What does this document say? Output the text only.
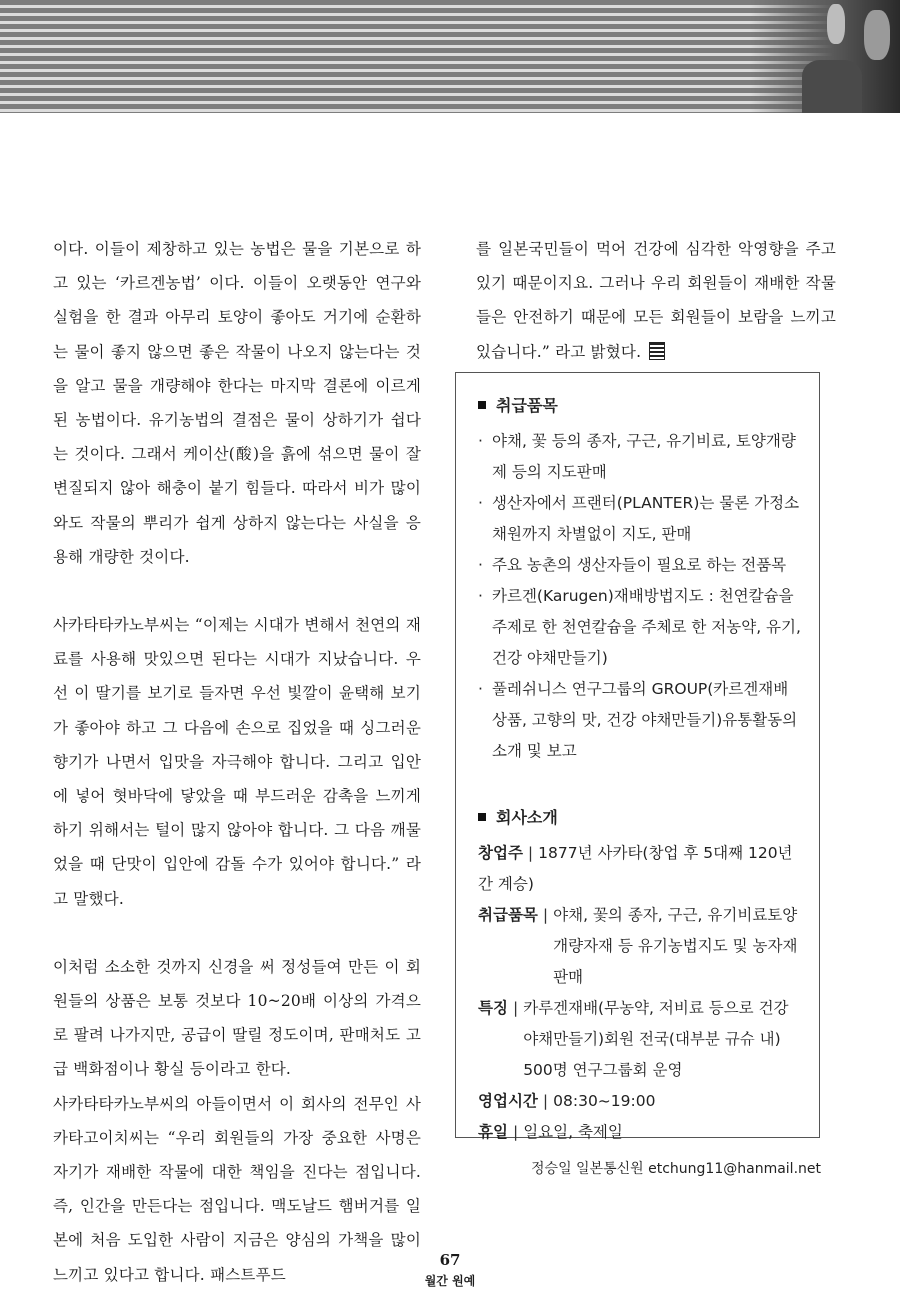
이다. 이들이 제창하고 있는 농법은 물을 기본으로 하고 있는 ‘카르겐농법’ 이다. 이들이 오랫동안 연구와 실험을 한 결과 아무리 토양이 좋아도 거기에 순환하는 물이 좋지 않으면 좋은 작물이 나오지 않는다는 것을 알고 물을 개량해야 한다는 마지막 결론에 이르게 된 농법이다. 유기농법의 결점은 물이 상하기가 쉽다는 것이다. 그래서 케이산(酸)을 흙에 섞으면 물이 잘 변질되지 않아 해충이 붙기 힘들다. 따라서 비가 많이 와도 작물의 뿌리가 쉽게 상하지 않는다는 사실을 응용해 개량한 것이다.

사카타타카노부씨는 “이제는 시대가 변해서 천연의 재료를 사용해 맛있으면 된다는 시대가 지났습니다. 우선 이 딸기를 보기로 들자면 우선 빛깔이 윤택해 보기가 좋아야 하고 그 다음에 손으로 집었을 때 싱그러운 향기가 나면서 입맛을 자극해야 합니다. 그리고 입안에 넣어 혓바닥에 닿았을 때 부드러운 감촉을 느끼게 하기 위해서는 털이 많지 않아야 합니다. 그 다음 깨물었을 때 단맛이 입안에 감돌 수가 있어야 합니다.” 라고 말했다.

이처럼 소소한 것까지 신경을 써 정성들여 만든 이 회원들의 상품은 보통 것보다 10~20배 이상의 가격으로 팔려 나가지만, 공급이 딸릴 정도이며, 판매처도 고급 백화점이나 황실 등이라고 한다.

사카타타카노부씨의 아들이면서 이 회사의 전무인 사카타고이치씨는 “우리 회원들의 가장 중요한 사명은 자기가 재배한 작물에 대한 책임을 진다는 점입니다. 즉, 인간을 만든다는 점입니다. 맥도날드 햄버거를 일본에 처음 도입한 사람이 지금은 양심의 가책을 많이 느끼고 있다고 합니다. 패스트푸드

를 일본국민들이 먹어 건강에 심각한 악영향을 주고 있기 때문이지요. 그러나 우리 회원들이 재배한 작물들은 안전하기 때문에 모든 회원들이 보람을 느끼고 있습니다.” 라고 밝혔다.

취급품목
· 야채, 꽃 등의 종자, 구근, 유기비료, 토양개량제 등의 지도판매
· 생산자에서 프랜터(PLANTER)는 물론 가정소채원까지 차별없이 지도, 판매
· 주요 농촌의 생산자들이 필요로 하는 전품목
· 카르겐(Karugen)재배방법지도 : 천연칼슘을 주제로 한 천연칼슘을 주체로 한 저농약, 유기, 건강 야채만들기)
· 풀레쉬니스 연구그룹의 GROUP(카르겐재배 상품, 고향의 맛, 건강 야채만들기)유통활동의 소개 및 보고
회사소개
창업주 | 1877년 사카타(창업 후 5대째 120년간 계승)
취급품목 | 야채, 꽃의 종자, 구근, 유기비료토양개량자재 등 유기농법지도 및 농자재 판매
특징 | 카루겐재배(무농약, 저비료 등으로 건강야채만들기)회원 전국(대부분 규슈 내) 500명 연구그룹회 운영
영업시간 | 08:30~19:00
휴일 | 일요일, 축제일
정승일 일본통신원 etchung11@hanmail.net
67
월간 원예
